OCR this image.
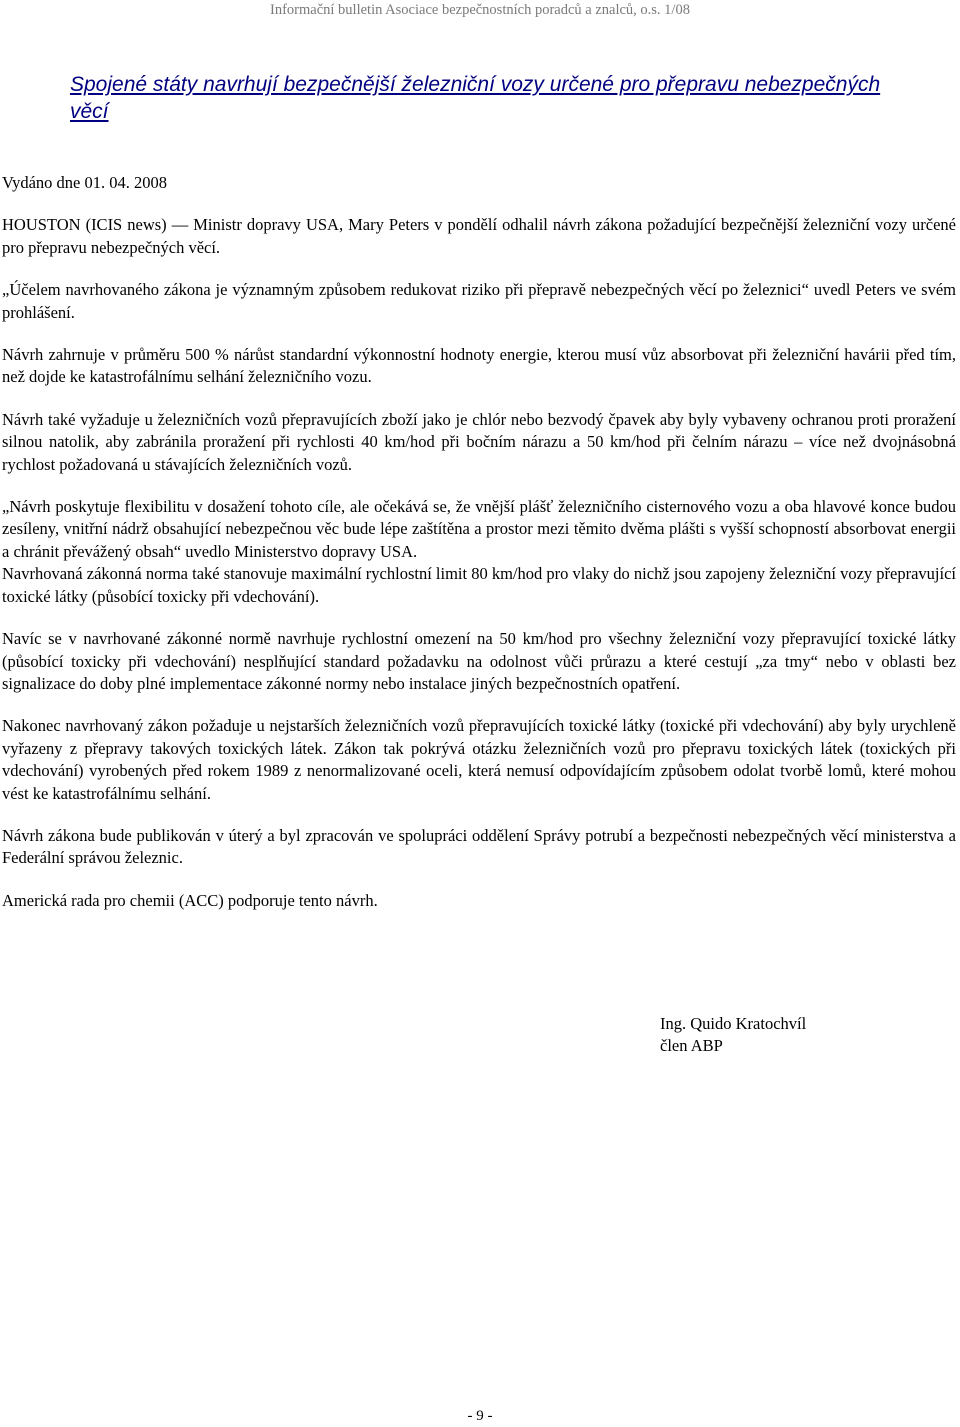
Informační bulletin Asociace bezpečnostních poradců a znalců, o.s. 1/08
Spojené státy navrhují bezpečnější železniční vozy určené pro přepravu nebezpečných věcí

Vydáno dne 01. 04. 2008

HOUSTON (ICIS news) — Ministr dopravy USA, Mary Peters v pondělí odhalil návrh zákona požadující bezpečnější železniční vozy určené pro přepravu nebezpečných věcí.

„Účelem navrhovaného zákona je významným způsobem redukovat riziko při přepravě nebezpečných věcí po železnici“ uvedl Peters ve svém prohlášení.

Návrh zahrnuje v průměru 500 % nárůst standardní výkonnostní hodnoty energie, kterou musí vůz absorbovat při železniční havárii před tím, než dojde ke katastrofálnímu selhání železničního vozu.

Návrh také vyžaduje u železničních vozů přepravujících zboží jako je chlór nebo bezvodý čpavek aby byly vybaveny ochranou proti proražení silnou natolik, aby zabránila proražení při rychlosti 40 km/hod při bočním nárazu a 50 km/hod při čelním nárazu – více než dvojnásobná rychlost požadovaná u stávajících železničních vozů.

„Návrh poskytuje flexibilitu v dosažení tohoto cíle, ale očekává se, že vnější plášť železničního cisternového vozu a oba hlavové konce budou zesíleny, vnitřní nádrž obsahující nebezpečnou věc bude lépe zaštítěna a prostor mezi těmito dvěma plášti s vyšší schopností absorbovat energii a chránit převážený obsah“ uvedlo Ministerstvo dopravy USA.

Navrhovaná zákonná norma také stanovuje maximální rychlostní limit 80 km/hod pro vlaky do nichž jsou zapojeny železniční vozy přepravující toxické látky (působící toxicky při vdechování).

Navíc se v navrhované zákonné normě navrhuje rychlostní omezení na 50 km/hod pro všechny železniční vozy přepravující toxické látky (působící toxicky při vdechování) nesplňující standard požadavku na odolnost vůči průrazu a které cestují „za tmy“ nebo v oblasti bez signalizace do doby plné implementace zákonné normy nebo instalace jiných bezpečnostních opatření.

Nakonec navrhovaný zákon požaduje u nejstarších železničních vozů přepravujících toxické látky (toxické při vdechování) aby byly urychleně vyřazeny z přepravy takových toxických látek. Zákon tak pokrývá otázku železničních vozů pro přepravu toxických látek (toxických při vdechování) vyrobených před rokem 1989 z nenormalizované oceli, která nemusí odpovídajícím způsobem odolat tvorbě lomů, které mohou vést ke katastrofálnímu selhání.

Návrh zákona bude publikován v úterý a byl zpracován ve spolupráci oddělení Správy potrubí a bezpečnosti nebezpečných věcí ministerstva a Federální správou železnic.

Americká rada pro chemii (ACC) podporuje tento návrh.

Ing. Quido Kratochvíl
člen ABP
- 9 -
